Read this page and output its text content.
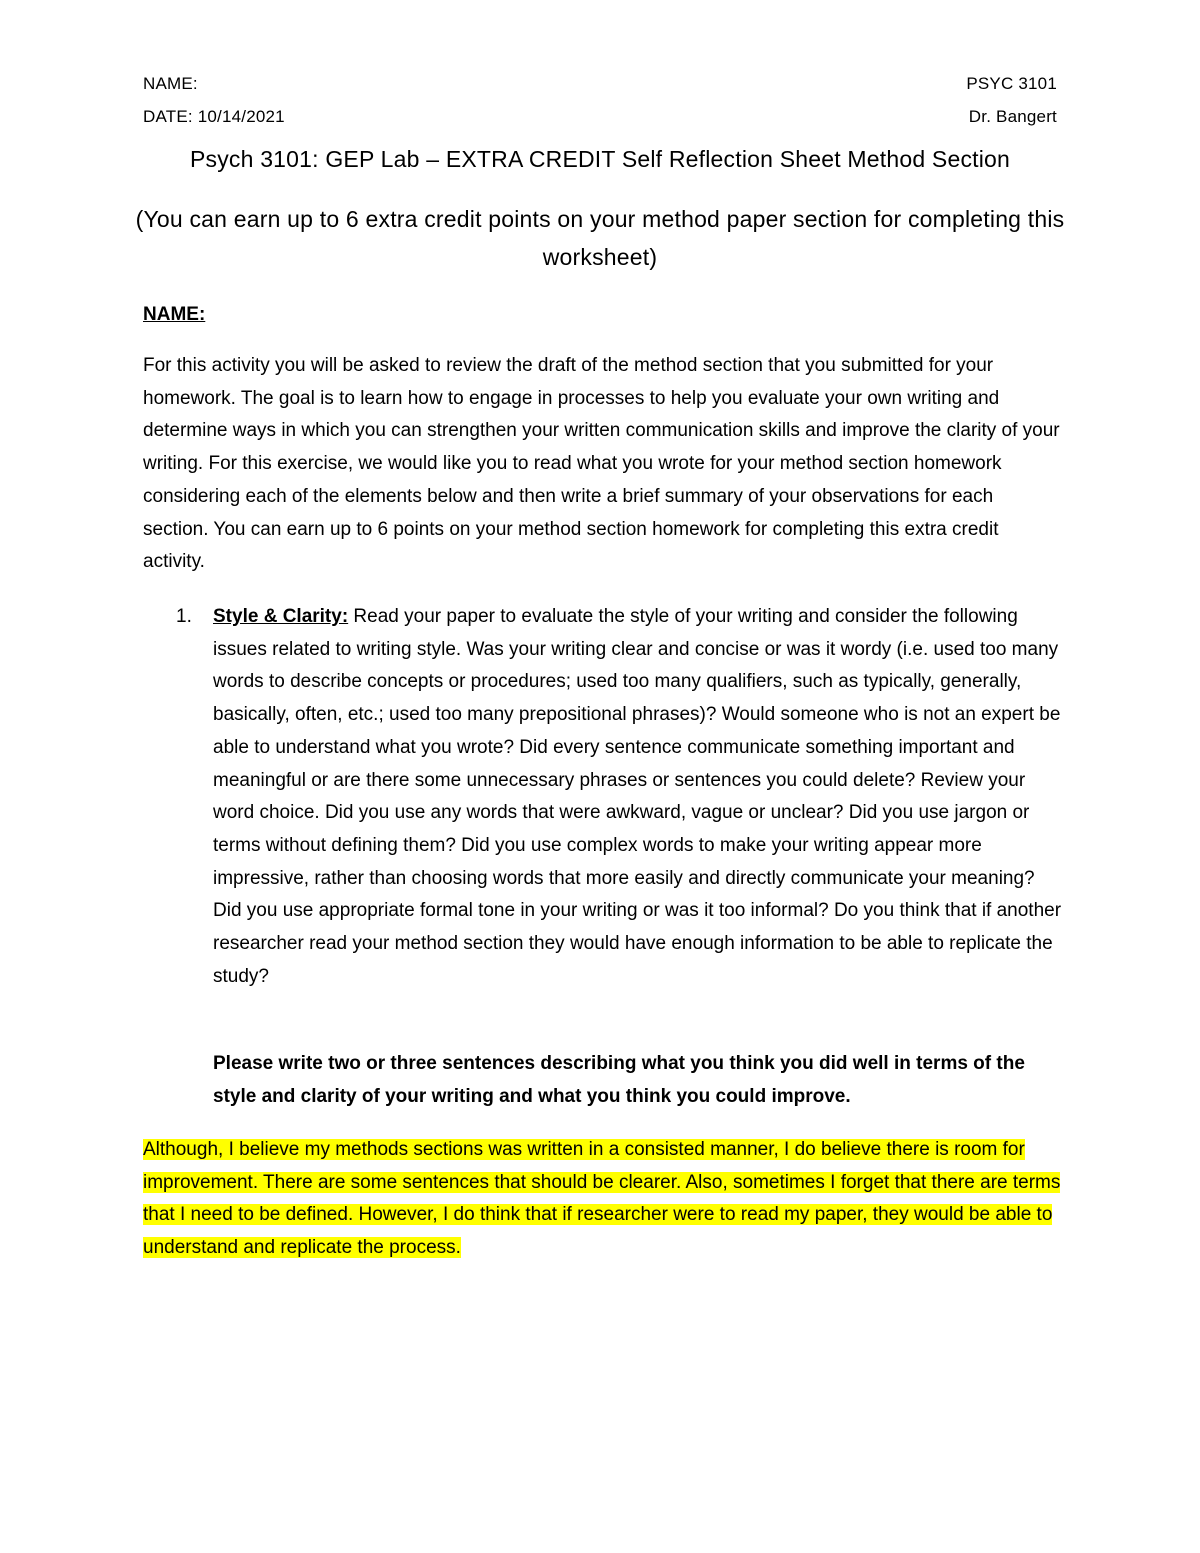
NAME:
DATE: 10/14/2021
PSYC 3101
Dr. Bangert
Psych 3101: GEP Lab – EXTRA CREDIT Self Reflection Sheet Method Section
(You can earn up to 6 extra credit points on your method paper section for completing this worksheet)
NAME:
For this activity you will be asked to review the draft of the method section that you submitted for your homework. The goal is to learn how to engage in processes to help you evaluate your own writing and determine ways in which you can strengthen your written communication skills and improve the clarity of your writing. For this exercise, we would like you to read what you wrote for your method section homework considering each of the elements below and then write a brief summary of your observations for each section. You can earn up to 6 points on your method section homework for completing this extra credit activity.
1. Style & Clarity: Read your paper to evaluate the style of your writing and consider the following issues related to writing style. Was your writing clear and concise or was it wordy (i.e. used too many words to describe concepts or procedures; used too many qualifiers, such as typically, generally, basically, often, etc.; used too many prepositional phrases)? Would someone who is not an expert be able to understand what you wrote? Did every sentence communicate something important and meaningful or are there some unnecessary phrases or sentences you could delete? Review your word choice. Did you use any words that were awkward, vague or unclear? Did you use jargon or terms without defining them? Did you use complex words to make your writing appear more impressive, rather than choosing words that more easily and directly communicate your meaning? Did you use appropriate formal tone in your writing or was it too informal? Do you think that if another researcher read your method section they would have enough information to be able to replicate the study?
Please write two or three sentences describing what you think you did well in terms of the style and clarity of your writing and what you think you could improve.
Although, I believe my methods sections was written in a consisted manner, I do believe there is room for improvement. There are some sentences that should be clearer. Also, sometimes I forget that there are terms that I need to be defined. However, I do think that if researcher were to read my paper, they would be able to understand and replicate the process.
